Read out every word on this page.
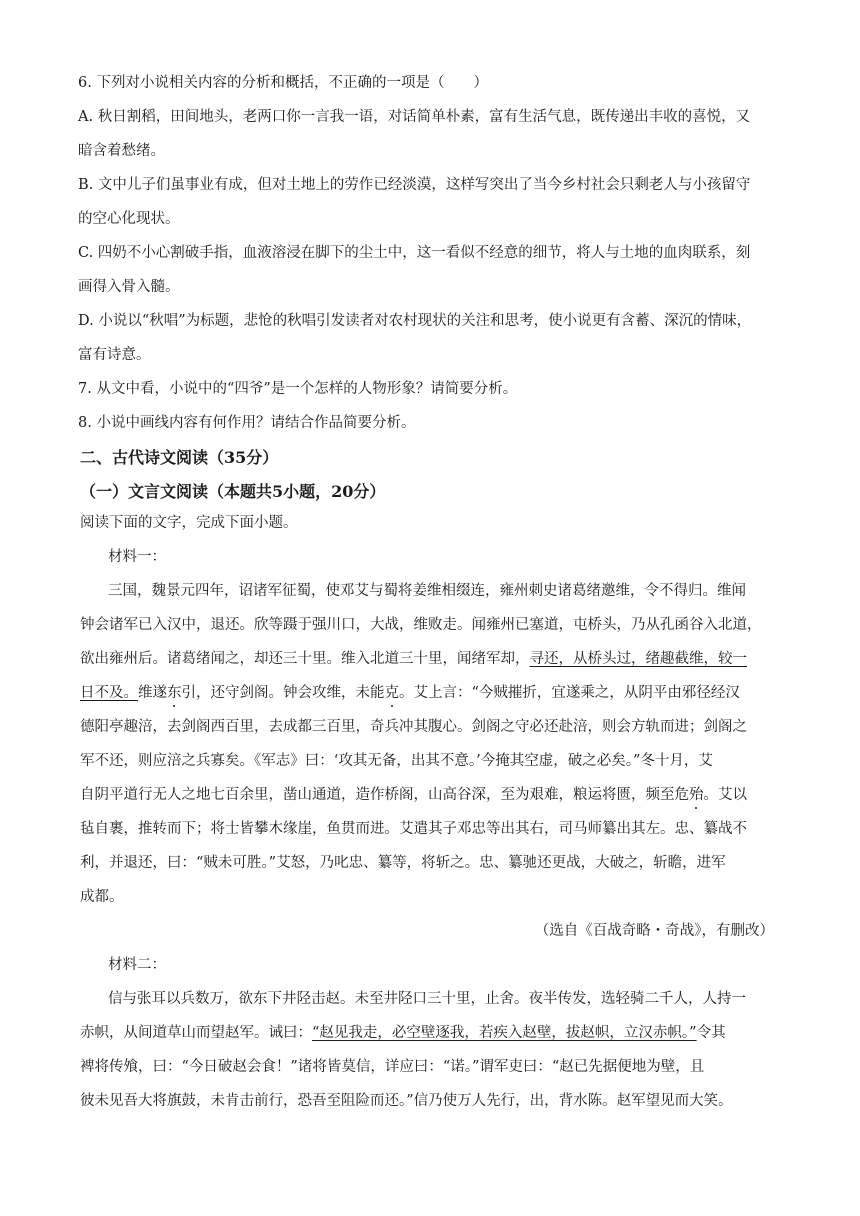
6. 下列对小说相关内容的分析和概括，不正确的一项是（　　）
A. 秋日割稻，田间地头，老两口你一言我一语，对话简单朴素，富有生活气息，既传递出丰收的喜悦，又
暗含着愁绪。
B. 文中儿子们虽事业有成，但对土地上的劳作已经淡漠，这样写突出了当今乡村社会只剩老人与小孩留守
的空心化现状。
C. 四奶不小心割破手指，血液溶浸在脚下的尘土中，这一看似不经意的细节，将人与土地的血肉联系，刻
画得入骨入髓。
D. 小说以“秋唱”为标题，悲怆的秋唱引发读者对农村现状的关注和思考，使小说更有含蓄、深沉的情味，
富有诗意。
7. 从文中看，小说中的“四爷”是一个怎样的人物形象？请简要分析。
8. 小说中画线内容有何作用？请结合作品简要分析。
二、古代诗文阅读（35分）
（一）文言文阅读（本题共5小题，20分）
阅读下面的文字，完成下面小题。
材料一：
三国，魏景元四年，诏诸军征蜀，使邓艾与蜀将姜维相缀连，雍州刺史诸葛绪邀维，令不得归。维闻
钟会诸军已入汉中，退还。欣等蹑于强川口，大战，维败走。闻雍州已塞道，屯桥头，乃从孔函谷入北道，
欲出雍州后。诸葛绪闻之，却还三十里。维入北道三十里，闻绪军却，寻还，从桥头过，绪趣截维，较一
日不及。维遂东引，还守剑阁。钟会攻维，未能克。艾上言：“今贼摧折，宜遂乘之，从阴平由邪径经汉
德阳亭趣涪，去剑阁西百里，去成都三百里，奇兵冲其腹心。剑阁之守必还赴涪，则会方轨而进；剑阁之
军不还，则应涪之兵寡矣。《军志》曰：‘攻其无备，出其不意。’今掩其空虚，破之必矣。”冬十月，艾
自阴平道行无人之地七百余里，凿山通道，造作桥阁，山高谷深，至为艰难，粮运将匮，频至危殆。艾以
毡自裹，推转而下；将士皆攀木缘崖，鱼贯而进。艾遣其子邓忠等出其右，司马师纂出其左。忠、纂战不
利，并退还，曰：“贼未可胜。”艾怒，乃叱忠、纂等，将斩之。忠、纂驰还更战，大破之，斩瞻，进军
成都。
（选自《百战奇略・奇战》，有删改）
材料二：
信与张耳以兵数万，欲东下井陉击赵。未至井陉口三十里，止舍。夜半传发，选轻骑二千人，人持一
赤帜，从间道草山而望赵军。诫曰：“赵见我走，必空壁逐我，若疾入赵壁，拔赵帜，立汉赤帜。”令其
裨将传飧，曰：“今日破赵会食！”诸将皆莫信，详应曰：“诺。”谓军吏曰：“赵已先据便地为壁，且
彼未见吾大将旗鼓，未肯击前行，恐吾至阻险而还。”信乃使万人先行，出，背水陈。赵军望见而大笑。
